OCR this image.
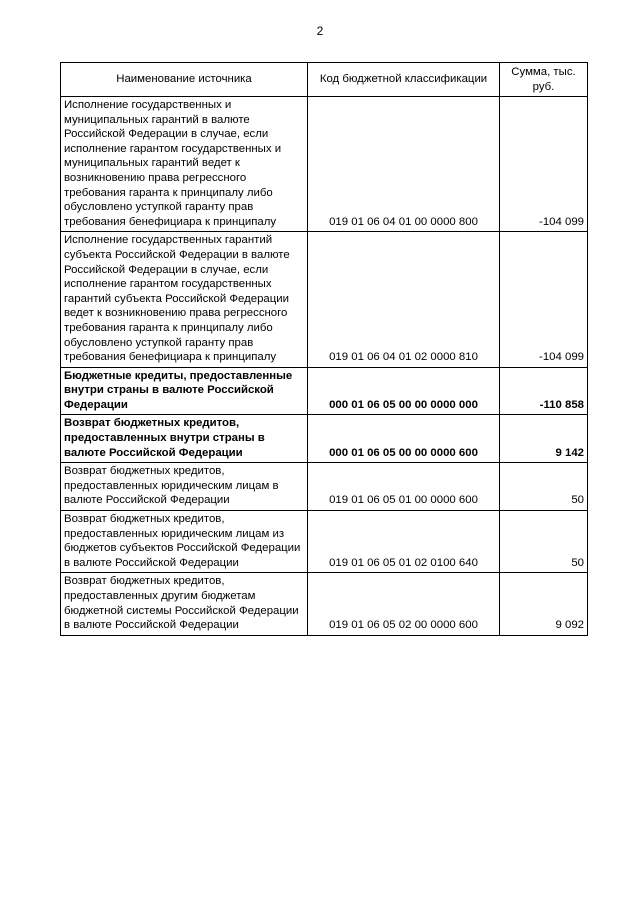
2
Наименование источника	Код бюджетной классификации	Сумма, тыс. руб.
Исполнение государственных и муниципальных гарантий в валюте Российской Федерации в случае, если исполнение гарантом государственных и муниципальных гарантий ведет к возникновению права регрессного требования гаранта к принципалу либо обусловлено уступкой гаранту прав требования бенефициара к принципалу	019 01 06 04 01 00 0000 800	-104 099
Исполнение государственных гарантий субъекта Российской Федерации в валюте Российской Федерации в случае, если исполнение гарантом государственных гарантий субъекта Российской Федерации ведет к возникновению права регрессного требования гаранта к принципалу либо обусловлено уступкой гаранту прав требования бенефициара к принципалу	019 01 06 04 01 02 0000 810	-104 099
Бюджетные кредиты, предоставленные внутри страны в валюте Российской Федерации	000 01 06 05 00 00 0000 000	-110 858
Возврат бюджетных кредитов, предоставленных внутри страны в валюте Российской Федерации	000 01 06 05 00 00 0000 600	9 142
Возврат бюджетных кредитов, предоставленных юридическим лицам в валюте Российской Федерации	019 01 06 05 01 00 0000 600	50
Возврат бюджетных кредитов, предоставленных юридическим лицам из бюджетов субъектов Российской Федерации в валюте Российской Федерации	019 01 06 05 01 02 0100 640	50
Возврат бюджетных кредитов, предоставленных другим бюджетам бюджетной системы Российской Федерации в валюте Российской Федерации	019 01 06 05 02 00 0000 600	9 092
